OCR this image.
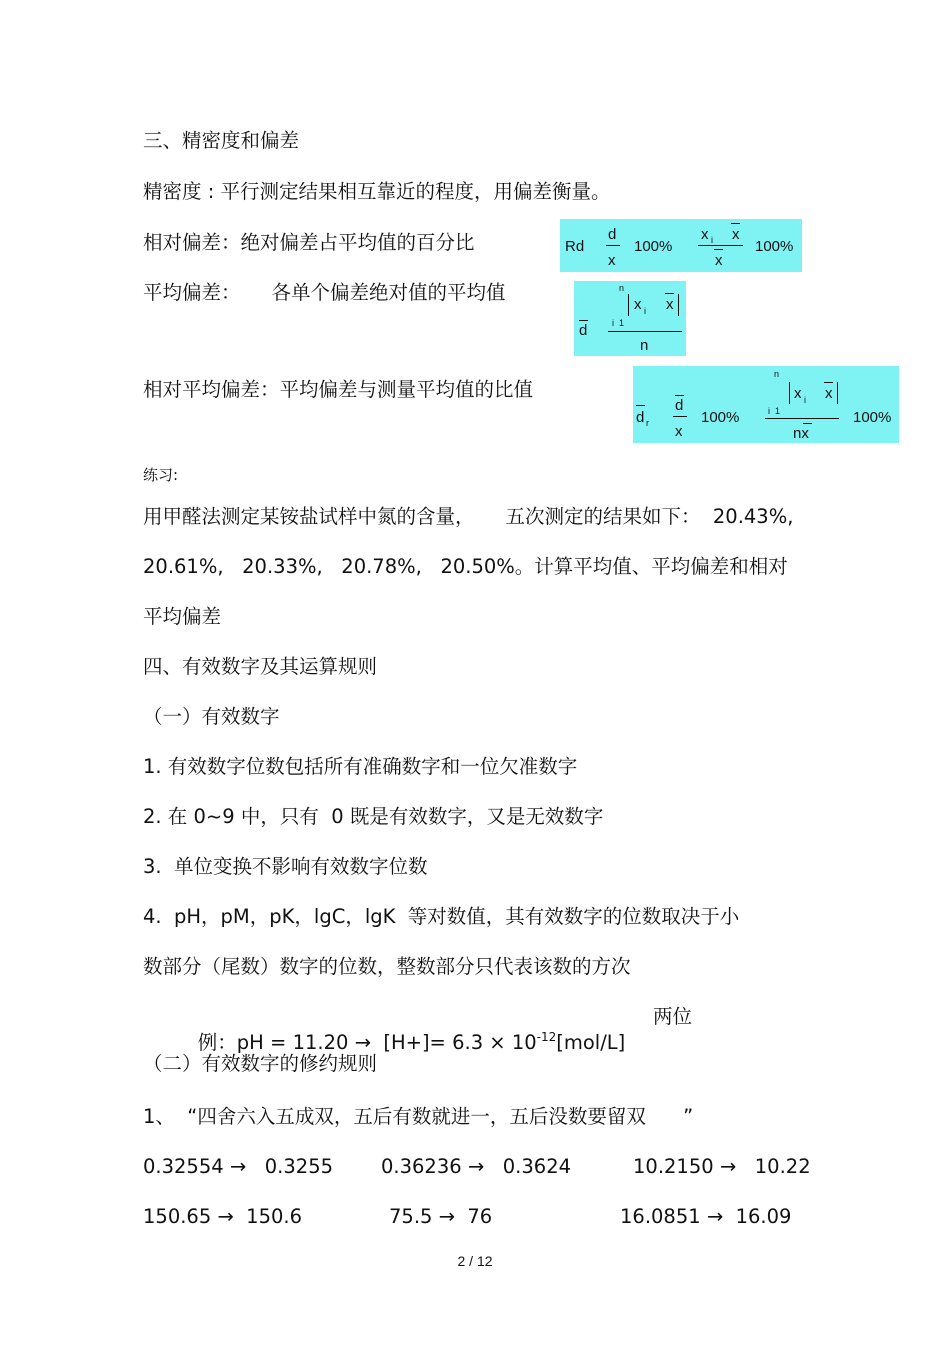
三、精密度和偏差
精密度 : 平行测定结果相互靠近的程度，用偏差衡量。
相对偏差：绝对偏差占平均值的百分比
平均偏差：     各单个偏差绝对值的平均值
相对平均偏差：平均偏差与测量平均值的比值
练习:
用甲醛法测定某铵盐试样中氮的含量，     五次测定的结果如下：  20.43%,
20.61%,   20.33%,   20.78%,   20.50%。计算平均值、平均偏差和相对
平均偏差
四、有效数字及其运算规则
（一）有效数字
1. 有效数字位数包括所有准确数字和一位欠准数字
2. 在 0~9 中，只有  0 既是有效数字，又是无效数字
3.  单位变换不影响有效数字位数
4.  pH，pM，pK，lgC，lgK  等对数值，其有效数字的位数取决于小
数部分（尾数）数字的位数，整数部分只代表该数的方次

例：pH = $11.20 \to [H+]= 6.3 \times 10^{-12}[mol/L]$

两位
（二）有效数字的修约规则
1、  “四舍六入五成双，五后有数就进一，五后没数要留双      ”
0.32554 →   0.3255 0.36236 →   0.3624	10.2150 →   10.22
150.65 →  150.6	75.5 →  76	16.0851 →  16.09
Rd
d
x
100%
x i x
x
100%
n
x i x
i  1
d
n
d r
d
x
100%
n
x i x
i  1
nx
100%
2 / 12
